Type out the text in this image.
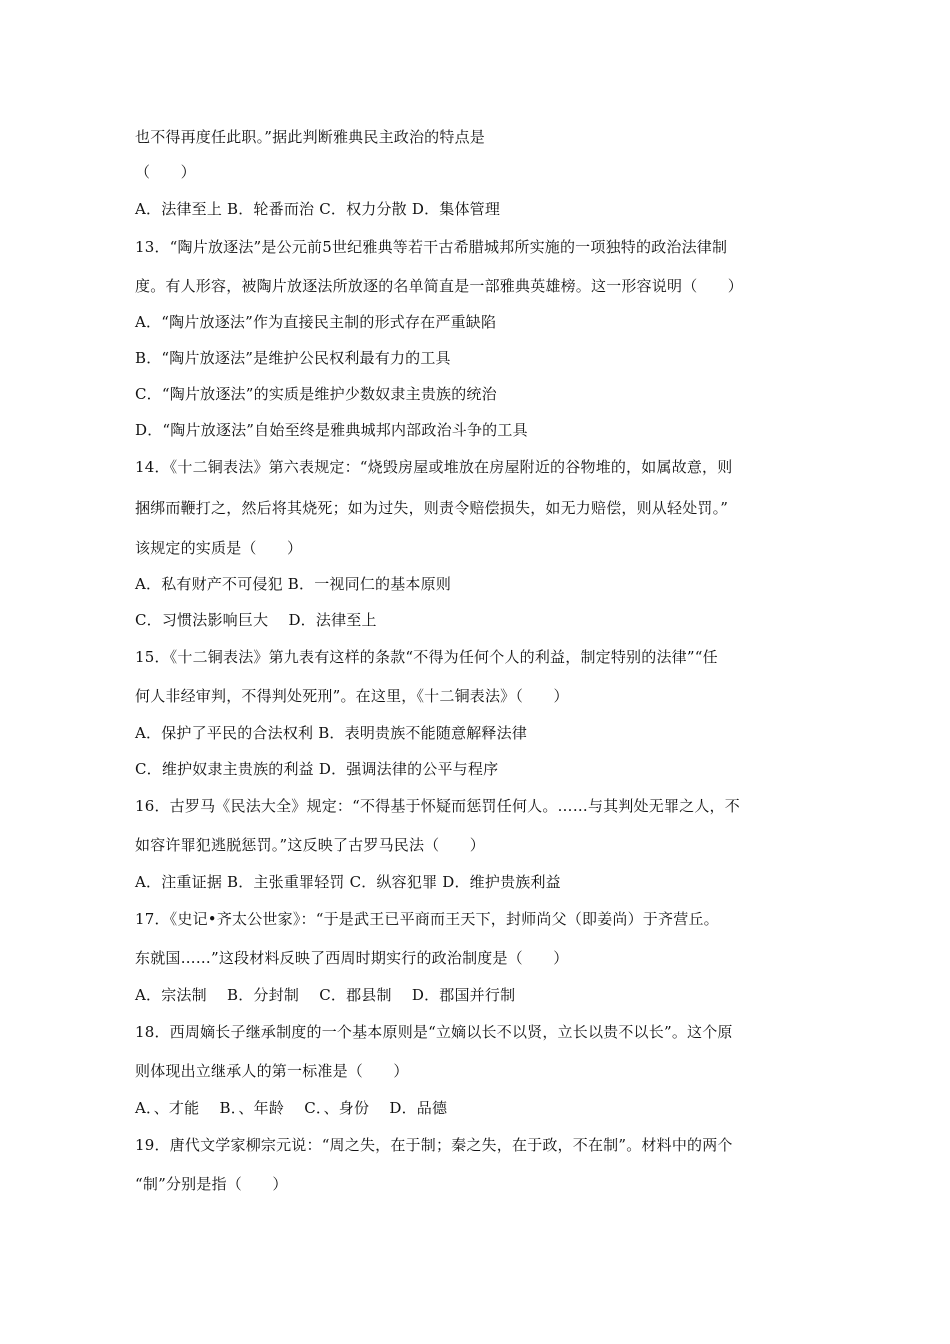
也不得再度任此职。”据此判断雅典民主政治的特点是
（　　）
A．法律至上 B．轮番而治 C．权力分散 D．集体管理
13．“陶片放逐法”是公元前5世纪雅典等若干古希腊城邦所实施的一项独特的政治法律制
度。有人形容，被陶片放逐法所放逐的名单简直是一部雅典英雄榜。这一形容说明（　　）
A．“陶片放逐法”作为直接民主制的形式存在严重缺陷
B．“陶片放逐法”是维护公民权利最有力的工具
C．“陶片放逐法”的实质是维护少数奴隶主贵族的统治
D．“陶片放逐法”自始至终是雅典城邦内部政治斗争的工具
14．《十二铜表法》第六表规定：“烧毁房屋或堆放在房屋附近的谷物堆的，如属故意，则
捆绑而鞭打之，然后将其烧死；如为过失，则责令赔偿损失，如无力赔偿，则从轻处罚。”
该规定的实质是（　　）
A．私有财产不可侵犯 B．一视同仁的基本原则
C．习惯法影响巨大　 D．法律至上
15．《十二铜表法》第九表有这样的条款“不得为任何个人的利益，制定特别的法律”“任
何人非经审判，不得判处死刑”。在这里，《十二铜表法》（　　）
A．保护了平民的合法权利 B．表明贵族不能随意解释法律
C．维护奴隶主贵族的利益 D．强调法律的公平与程序
16．古罗马《民法大全》规定：“不得基于怀疑而惩罚任何人。……与其判处无罪之人，不
如容许罪犯逃脱惩罚。”这反映了古罗马民法（　　）
A．注重证据 B．主张重罪轻罚 C．纵容犯罪 D．维护贵族利益
17．《史记•齐太公世家》：“于是武王已平商而王天下，封师尚父（即姜尚）于齐营丘。
东就国……”这段材料反映了西周时期实行的政治制度是（　　）
A．宗法制　 B．分封制　 C．郡县制　 D．郡国并行制
18．西周嫡长子继承制度的一个基本原则是“立嫡以长不以贤，立长以贵不以长”。这个原
则体现出立继承人的第一标准是（　　）
A．、才能　 B．、年龄　 C．、身份　 D．品德
19．唐代文学家柳宗元说：“周之失，在于制；秦之失，在于政，不在制”。材料中的两个
“制”分别是指（　　）
